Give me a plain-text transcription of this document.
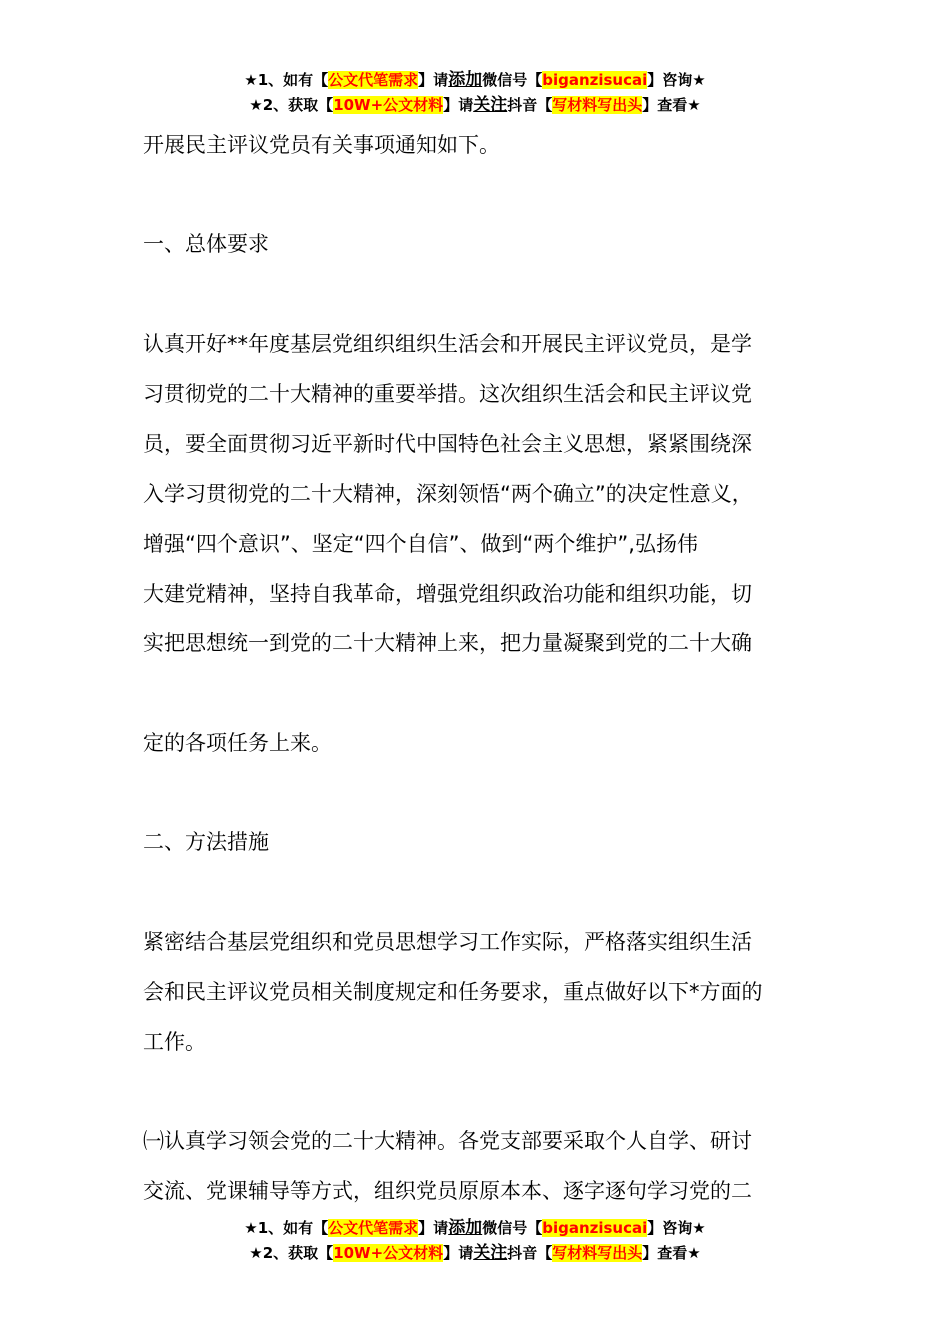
★1、如有【公文代笔需求】请添加微信号【biganzisucai】咨询★
★2、获取【10W+公文材料】请关注抖音【写材料写出头】查看★
开展民主评议党员有关事项通知如下。
一、总体要求
认真开好**年度基层党组织组织生活会和开展民主评议党员，是学
习贯彻党的二十大精神的重要举措。这次组织生活会和民主评议党
员，要全面贯彻习近平新时代中国特色社会主义思想，紧紧围绕深
入学习贯彻党的二十大精神，深刻领悟“两个确立”的决定性意义，
增强“四个意识”、坚定“四个自信”、做到“两个维护”,弘扬伟
大建党精神，坚持自我革命，增强党组织政治功能和组织功能，切
实把思想统一到党的二十大精神上来，把力量凝聚到党的二十大确
定的各项任务上来。
二、方法措施
紧密结合基层党组织和党员思想学习工作实际，严格落实组织生活
会和民主评议党员相关制度规定和任务要求，重点做好以下*方面的
工作。
㈠认真学习领会党的二十大精神。各党支部要采取个人自学、研讨
交流、党课辅导等方式，组织党员原原本本、逐字逐句学习党的二
★1、如有【公文代笔需求】请添加微信号【biganzisucai】咨询★
★2、获取【10W+公文材料】请关注抖音【写材料写出头】查看★
